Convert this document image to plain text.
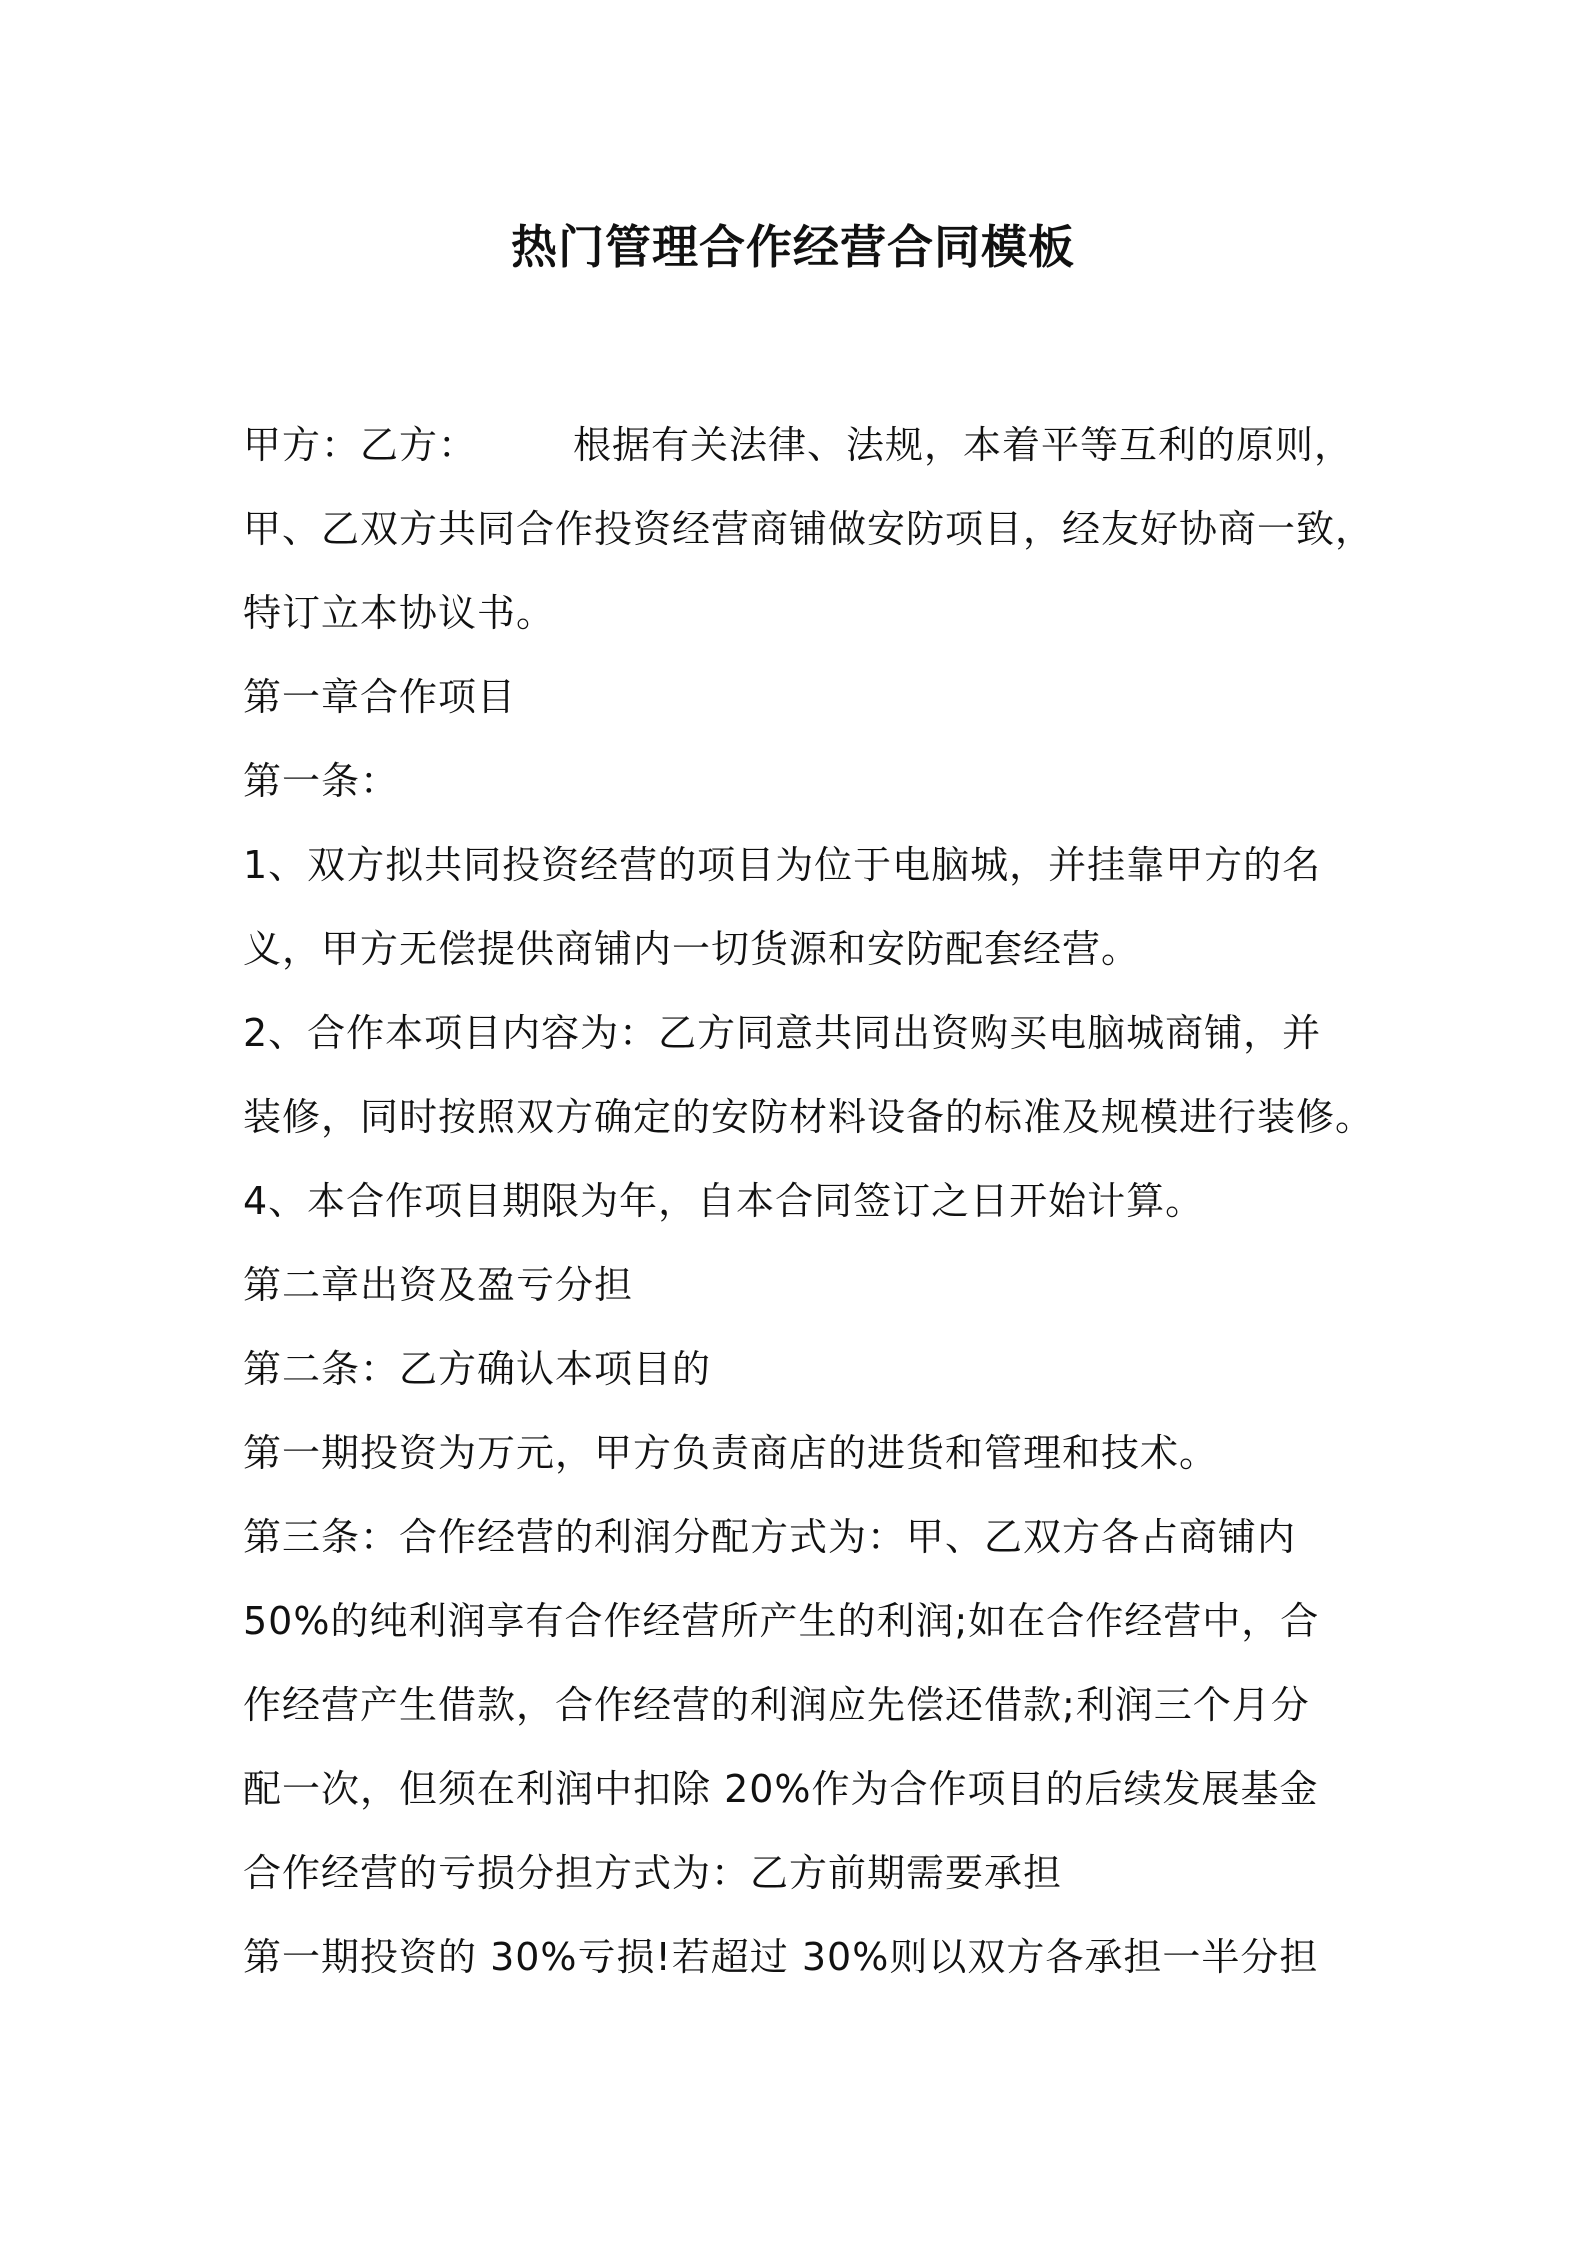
热门管理合作经营合同模板
甲方：乙方：	根据有关法律、法规，本着平等互利的原则，
甲、乙双方共同合作投资经营商铺做安防项目，经友好协商一致，
特订立本协议书。
第一章合作项目
第一条：
1、双方拟共同投资经营的项目为位于电脑城，并挂靠甲方的名
义，甲方无偿提供商铺内一切货源和安防配套经营。
2、合作本项目内容为：乙方同意共同出资购买电脑城商铺，并
装修，同时按照双方确定的安防材料设备的标准及规模进行装修。
4、本合作项目期限为年，自本合同签订之日开始计算。
第二章出资及盈亏分担
第二条：乙方确认本项目的
第一期投资为万元，甲方负责商店的进货和管理和技术。
第三条：合作经营的利润分配方式为：甲、乙双方各占商铺内
50%的纯利润享有合作经营所产生的利润;如在合作经营中，合
作经营产生借款，合作经营的利润应先偿还借款;利润三个月分
配一次，但须在利润中扣除 20%作为合作项目的后续发展基金
合作经营的亏损分担方式为：乙方前期需要承担
第一期投资的 30%亏损!若超过 30%则以双方各承担一半分担
